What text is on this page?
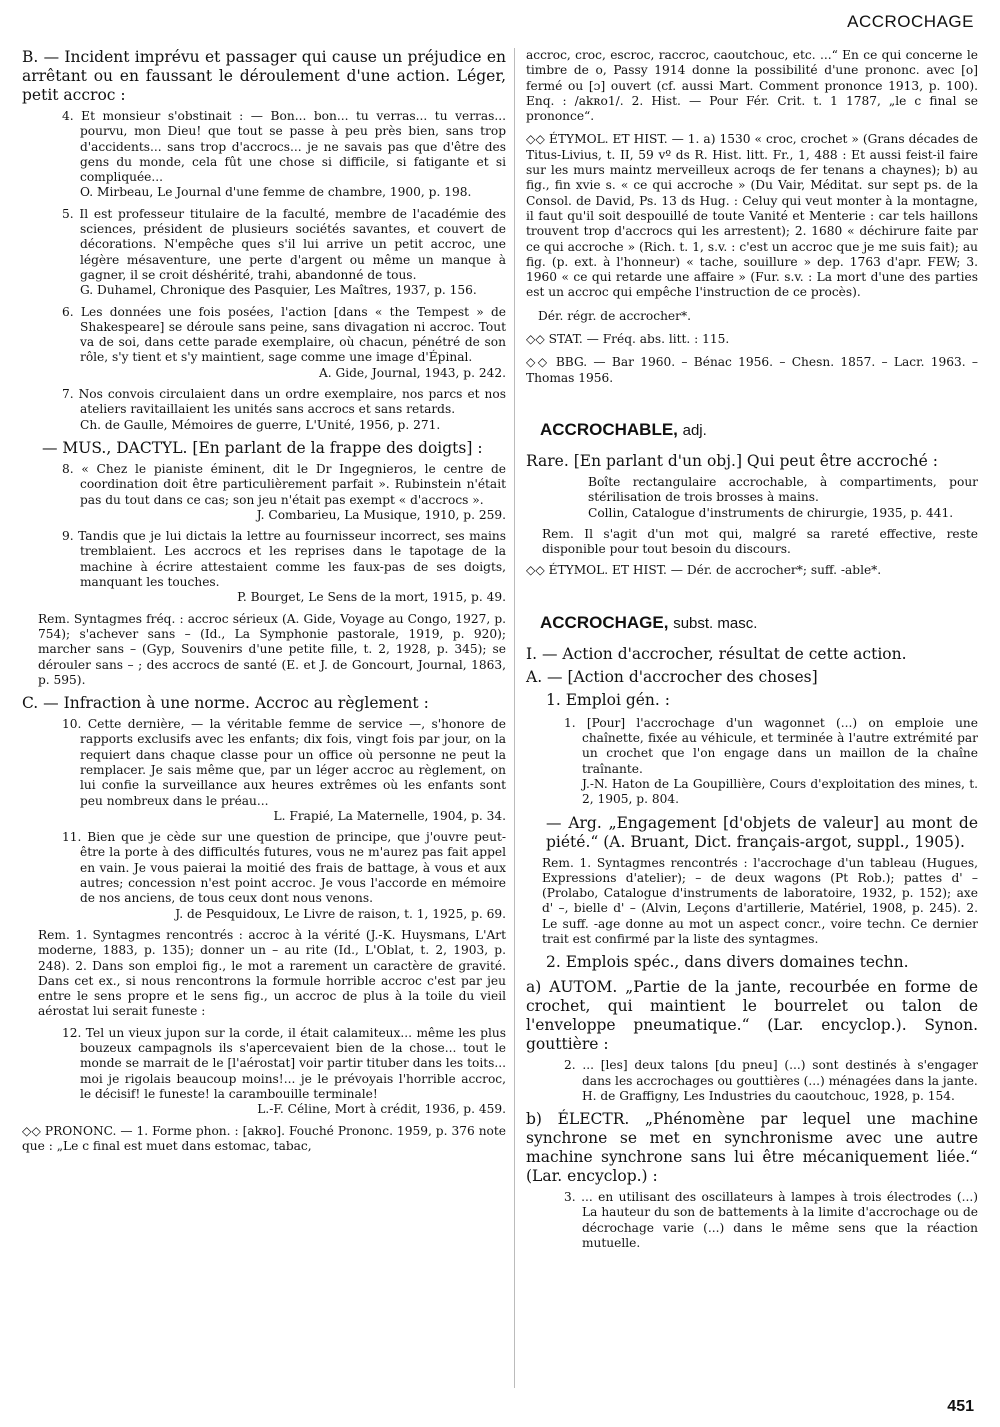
ACCROCHAGE

B. — Incident imprévu et passager qui cause un préjudice en arrêtant ou en faussant le déroulement d'une action. Léger, petit accroc :

4. Et monsieur s'obstinait : — Bon... bon... tu verras... tu verras... pourvu, mon Dieu! que tout se passe à peu près bien, sans trop d'accidents... sans trop d'accrocs... je ne savais pas que d'être des gens du monde, cela fût une chose si difficile, si fatigante et si compliquée...
O. Mirbeau, Le Journal d'une femme de chambre, 1900, p. 198.

5. Il est professeur titulaire de la faculté, membre de l'académie des sciences, président de plusieurs sociétés savantes, et couvert de décorations. N'empêche ques s'il lui arrive un petit accroc, une légère mésaventure, une perte d'argent ou même un manque à gagner, il se croit déshérité, trahi, abandonné de tous.
G. Duhamel, Chronique des Pasquier, Les Maîtres, 1937, p. 156.

6. Les données une fois posées, l'action [dans « the Tempest » de Shakespeare] se déroule sans peine, sans divagation ni accroc. Tout va de soi, dans cette parade exemplaire, où chacun, pénétré de son rôle, s'y tient et s'y maintient, sage comme une image d'Épinal.
A. Gide, Journal, 1943, p. 242.

7. Nos convois circulaient dans un ordre exemplaire, nos parcs et nos ateliers ravitaillaient les unités sans accrocs et sans retards.
Ch. de Gaulle, Mémoires de guerre, L'Unité, 1956, p. 271.

— MUS., DACTYL. [En parlant de la frappe des doigts] :

8. « Chez le pianiste éminent, dit le Dr Ingegnieros, le centre de coordination doit être particulièrement parfait ». Rubinstein n'était pas du tout dans ce cas; son jeu n'était pas exempt « d'accrocs ».
J. Combarieu, La Musique, 1910, p. 259.

9. Tandis que je lui dictais la lettre au fournisseur incorrect, ses mains tremblaient. Les accrocs et les reprises dans le tapotage de la machine à écrire attestaient comme les faux-pas de ses doigts, manquant les touches.
P. Bourget, Le Sens de la mort, 1915, p. 49.

Rem. Syntagmes fréq. : accroc sérieux (A. Gide, Voyage au Congo, 1927, p. 754); s'achever sans – (Id., La Symphonie pastorale, 1919, p. 920); marcher sans – (Gyp, Souvenirs d'une petite fille, t. 2, 1928, p. 345); se dérouler sans – ; des accrocs de santé (E. et J. de Goncourt, Journal, 1863, p. 595).

C. — Infraction à une norme. Accroc au règlement :

10. Cette dernière, — la véritable femme de service —, s'honore de rapports exclusifs avec les enfants; dix fois, vingt fois par jour, on la requiert dans chaque classe pour un office où personne ne peut la remplacer. Je sais même que, par un léger accroc au règlement, on lui confie la surveillance aux heures extrêmes où les enfants sont peu nombreux dans le préau...
L. Frapié, La Maternelle, 1904, p. 34.

11. Bien que je cède sur une question de principe, que j'ouvre peut-être la porte à des difficultés futures, vous ne m'aurez pas fait appel en vain. Je vous paierai la moitié des frais de battage, à vous et aux autres; concession n'est point accroc. Je vous l'accorde en mémoire de nos anciens, de tous ceux dont nous venons.
J. de Pesquidoux, Le Livre de raison, t. 1, 1925, p. 69.

Rem. 1. Syntagmes rencontrés : accroc à la vérité (J.-K. Huysmans, L'Art moderne, 1883, p. 135); donner un – au rite (Id., L'Oblat, t. 2, 1903, p. 248). 2. Dans son emploi fig., le mot a rarement un caractère de gravité. Dans cet ex., si nous rencontrons la formule horrible accroc c'est par jeu entre le sens propre et le sens fig., un accroc de plus à la toile du vieil aérostat lui serait funeste :

12. Tel un vieux jupon sur la corde, il était calamiteux... même les plus bouzeux campagnols ils s'apercevaient bien de la chose... tout le monde se marrait de le [l'aérostat] voir partir tituber dans les toits... moi je rigolais beaucoup moins!... je le prévoyais l'horrible accroc, le décisif! le funeste! la carambouille terminale!
L.-F. Céline, Mort à crédit, 1936, p. 459.

◇◇ PRONONC. — 1. Forme phon. : [akʀo]. Fouché Prononc. 1959, p. 376 note que : „Le c final est muet dans estomac, tabac,

accroc, croc, escroc, raccroc, caoutchouc, etc. ...“ En ce qui concerne le timbre de o, Passy 1914 donne la possibilité d'une prononc. avec [o] fermé ou [ɔ] ouvert (cf. aussi Mart. Comment prononce 1913, p. 100). Enq. : /akʀo1/. 2. Hist. — Pour Fér. Crit. t. 1 1787, „le c final se prononce“.

◇◇ ÉTYMOL. ET HIST. — 1. a) 1530 « croc, crochet » (Grans décades de Titus-Livius, t. II, 59 vº ds R. Hist. litt. Fr., 1, 488 : Et aussi feist-il faire sur les murs maintz merveilleux acroqs de fer tenans a chaynes); b) au fig., fin xvie s. « ce qui accroche » (Du Vair, Méditat. sur sept ps. de la Consol. de David, Ps. 13 ds Hug. : Celuy qui veut monter à la montagne, il faut qu'il soit despouillé de toute Vanité et Menterie : car tels haillons trouvent trop d'accrocs qui les arrestent); 2. 1680 « déchirure faite par ce qui accroche » (Rich. t. 1, s.v. : c'est un accroc que je me suis fait); au fig. (p. ext. à l'honneur) « tache, souillure » dep. 1763 d'apr. FEW; 3. 1960 « ce qui retarde une affaire » (Fur. s.v. : La mort d'une des parties est un accroc qui empêche l'instruction de ce procès).

Dér. régr. de accrocher*.

◇◇ STAT. — Fréq. abs. litt. : 115.

◇◇ BBG. — Bar 1960. – Bénac 1956. – Chesn. 1857. – Lacr. 1963. – Thomas 1956.

ACCROCHABLE, adj.

Rare. [En parlant d'un obj.] Qui peut être accroché :

Boîte rectangulaire accrochable, à compartiments, pour stérilisation de trois brosses à mains.
Collin, Catalogue d'instruments de chirurgie, 1935, p. 441.

Rem. Il s'agit d'un mot qui, malgré sa rareté effective, reste disponible pour tout besoin du discours.

◇◇ ÉTYMOL. ET HIST. — Dér. de accrocher*; suff. -able*.

ACCROCHAGE, subst. masc.

I. — Action d'accrocher, résultat de cette action.

A. — [Action d'accrocher des choses]

1. Emploi gén. :

1. [Pour] l'accrochage d'un wagonnet (...) on emploie une chaînette, fixée au véhicule, et terminée à l'autre extrémité par un crochet que l'on engage dans un maillon de la chaîne traînante.
J.-N. Haton de La Goupillière, Cours d'exploitation des mines, t. 2, 1905, p. 804.

— Arg. „Engagement [d'objets de valeur] au mont de piété.“ (A. Bruant, Dict. français-argot, suppl., 1905).

Rem. 1. Syntagmes rencontrés : l'accrochage d'un tableau (Hugues, Expressions d'atelier); – de deux wagons (Pt Rob.); pattes d' – (Prolabo, Catalogue d'instruments de laboratoire, 1932, p. 152); axe d' –, bielle d' – (Alvin, Leçons d'artillerie, Matériel, 1908, p. 245). 2. Le suff. -age donne au mot un aspect concr., voire techn. Ce dernier trait est confirmé par la liste des syntagmes.

2. Emplois spéc., dans divers domaines techn.

a) AUTOM. „Partie de la jante, recourbée en forme de crochet, qui maintient le bourrelet ou talon de l'enveloppe pneumatique.“ (Lar. encyclop.). Synon. gouttière :

2. ... [les] deux talons [du pneu] (...) sont destinés à s'engager dans les accrochages ou gouttières (...) ménagées dans la jante.
H. de Graffigny, Les Industries du caoutchouc, 1928, p. 154.

b) ÉLECTR. „Phénomène par lequel une machine synchrone se met en synchronisme avec une autre machine synchrone sans lui être mécaniquement liée.“ (Lar. encyclop.) :

3. ... en utilisant des oscillateurs à lampes à trois électrodes (...) La hauteur du son de battements à la limite d'accrochage ou de décrochage varie (...) dans le même sens que la réaction mutuelle.

451
